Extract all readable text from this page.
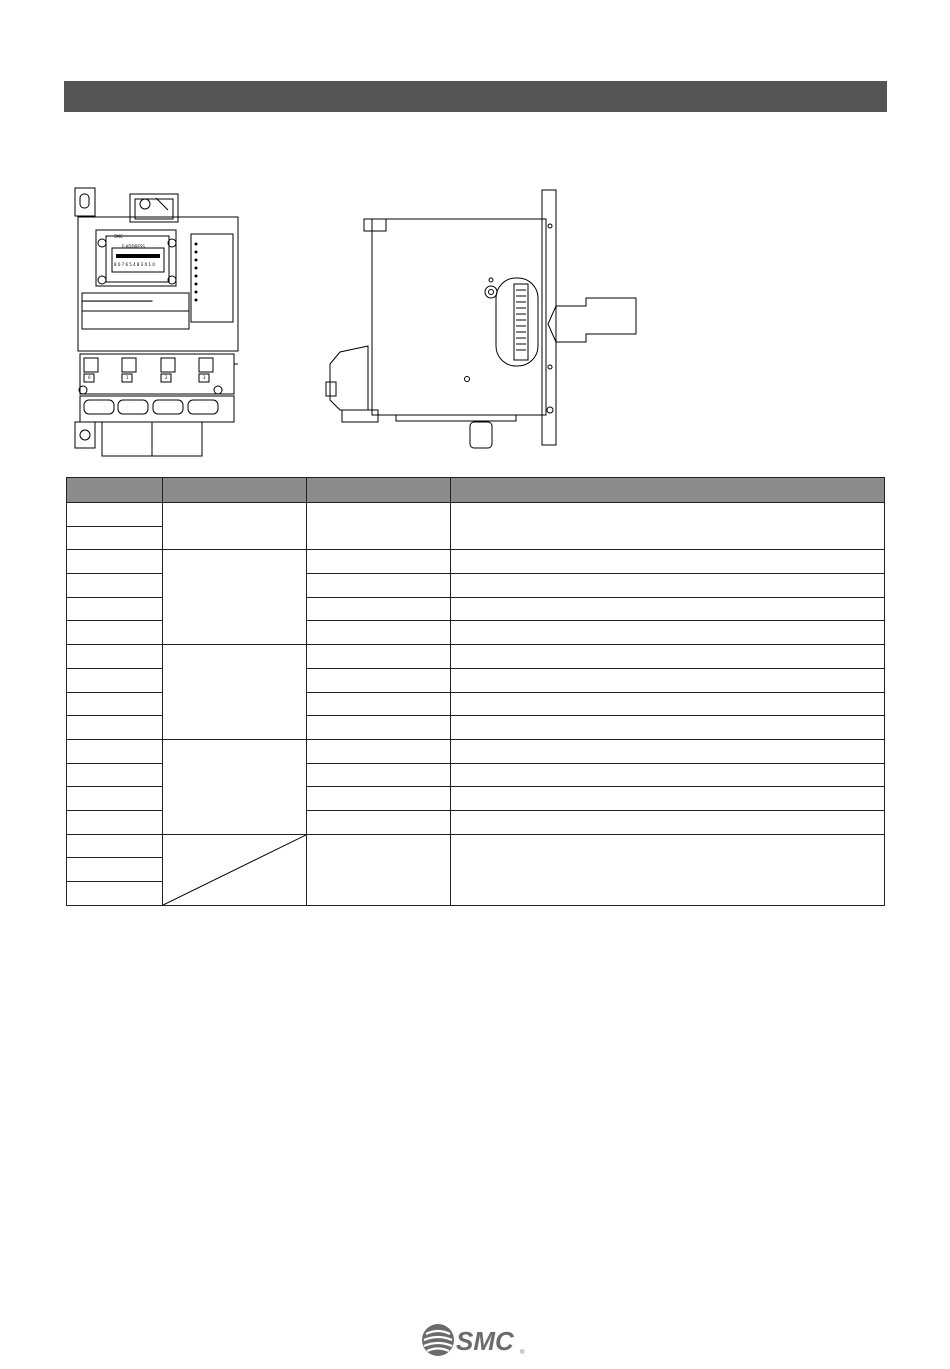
SMC
F-ADDRESS
8 0 7 6 5 4 8 3 X 1 0
0	1	2	3

SMC ®
